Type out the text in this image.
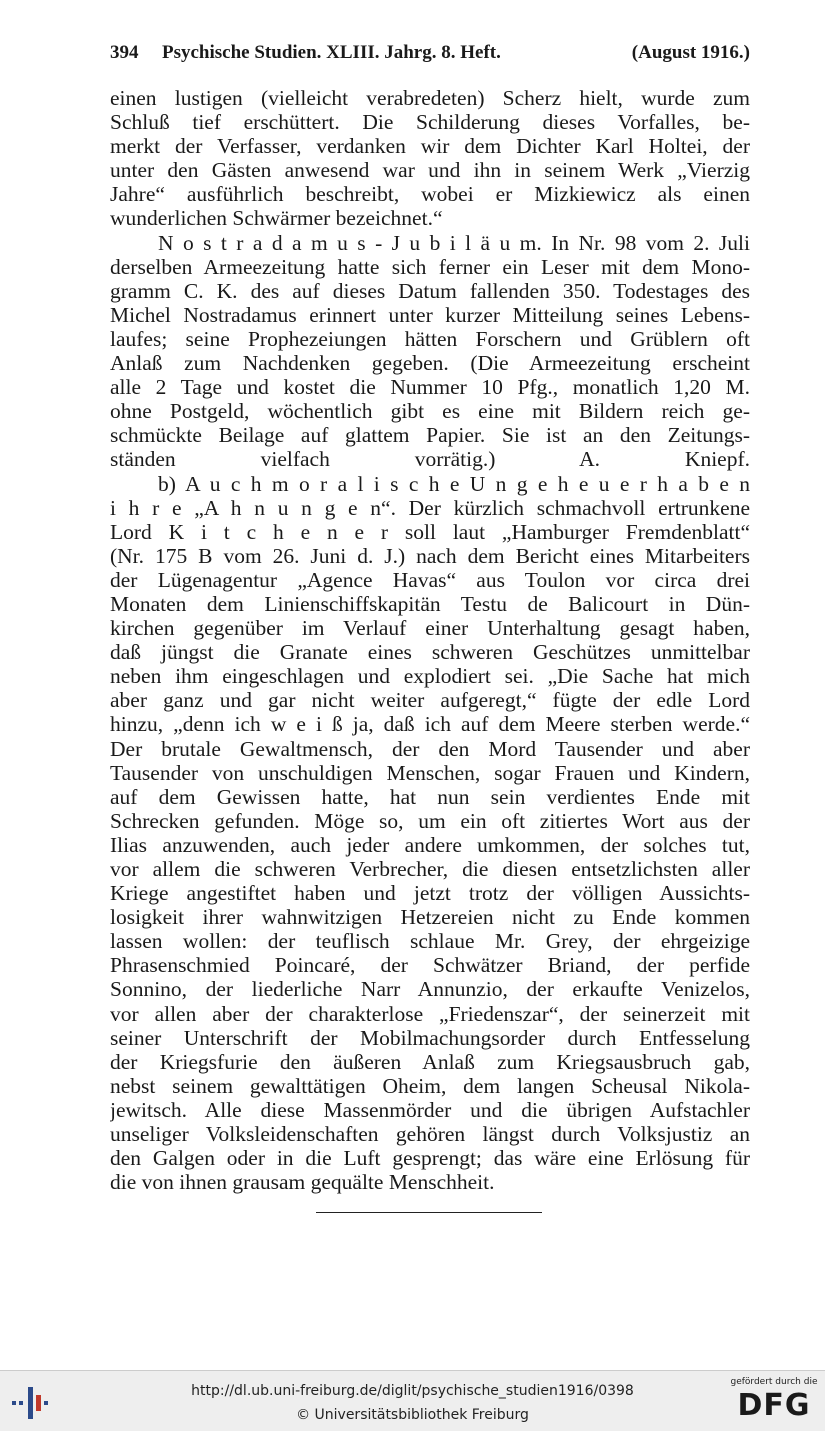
394 Psychische Studien. XLIII. Jahrg. 8. Heft.	(August 1916.)
einen lustigen (vielleicht verabredeten) Scherz hielt, wurde zum
Schluß tief erschüttert. Die Schilderung dieses Vorfalles, be-
merkt der Verfasser, verdanken wir dem Dichter Karl Holtei, der
unter den Gästen anwesend war und ihn in seinem Werk „Vierzig
Jahre“ ausführlich beschreibt, wobei er Mizkiewicz als einen
wunderlichen Schwärmer bezeichnet.“
N o s t r a d a m u s - J u b i l ä u m. In Nr. 98 vom 2. Juli
derselben Armeezeitung hatte sich ferner ein Leser mit dem Mono-
gramm C. K. des auf dieses Datum fallenden 350. Todestages des
Michel Nostradamus erinnert unter kurzer Mitteilung seines Lebens-
laufes; seine Prophezeiungen hätten Forschern und Grüblern oft
Anlaß zum Nachdenken gegeben. (Die Armeezeitung erscheint
alle 2 Tage und kostet die Nummer 10 Pfg., monatlich 1,20 M.
ohne Postgeld, wöchentlich gibt es eine mit Bildern reich ge-
schmückte Beilage auf glattem Papier. Sie ist an den Zeitungs-
ständen vielfach vorrätig.) A. Kniepf.
b) A u c h m o r a l i s c h e U n g e h e u e r h a b e n
i h r e „A h n u n g e n“. Der kürzlich schmachvoll ertrunkene
Lord K i t c h e n e r soll laut „Hamburger Fremdenblatt“
(Nr. 175 B vom 26. Juni d. J.) nach dem Bericht eines Mitarbeiters
der Lügenagentur „Agence Havas“ aus Toulon vor circa drei
Monaten dem Linienschiffskapitän Testu de Balicourt in Dün-
kirchen gegenüber im Verlauf einer Unterhaltung gesagt haben,
daß jüngst die Granate eines schweren Geschützes unmittelbar
neben ihm eingeschlagen und explodiert sei. „Die Sache hat mich
aber ganz und gar nicht weiter aufgeregt,“ fügte der edle Lord
hinzu, „denn ich w e i ß ja, daß ich auf dem Meere sterben werde.“
Der brutale Gewaltmensch, der den Mord Tausender und aber
Tausender von unschuldigen Menschen, sogar Frauen und Kindern,
auf dem Gewissen hatte, hat nun sein verdientes Ende mit
Schrecken gefunden. Möge so, um ein oft zitiertes Wort aus der
Ilias anzuwenden, auch jeder andere umkommen, der solches tut,
vor allem die schweren Verbrecher, die diesen entsetzlichsten aller
Kriege angestiftet haben und jetzt trotz der völligen Aussichts-
losigkeit ihrer wahnwitzigen Hetzereien nicht zu Ende kommen
lassen wollen: der teuflisch schlaue Mr. Grey, der ehrgeizige
Phrasenschmied Poincaré, der Schwätzer Briand, der perfide
Sonnino, der liederliche Narr Annunzio, der erkaufte Venizelos,
vor allen aber der charakterlose „Friedenszar“, der seinerzeit mit
seiner Unterschrift der Mobilmachungsorder durch Entfesselung
der Kriegsfurie den äußeren Anlaß zum Kriegsausbruch gab,
nebst seinem gewalttätigen Oheim, dem langen Scheusal Nikola-
jewitsch. Alle diese Massenmörder und die übrigen Aufstachler
unseliger Volksleidenschaften gehören längst durch Volksjustiz an
den Galgen oder in die Luft gesprengt; das wäre eine Erlösung für
die von ihnen grausam gequälte Menschheit.
http://dl.ub.uni-freiburg.de/diglit/psychische_studien1916/0398
© Universitätsbibliothek Freiburg
gefördert durch die
DFG
